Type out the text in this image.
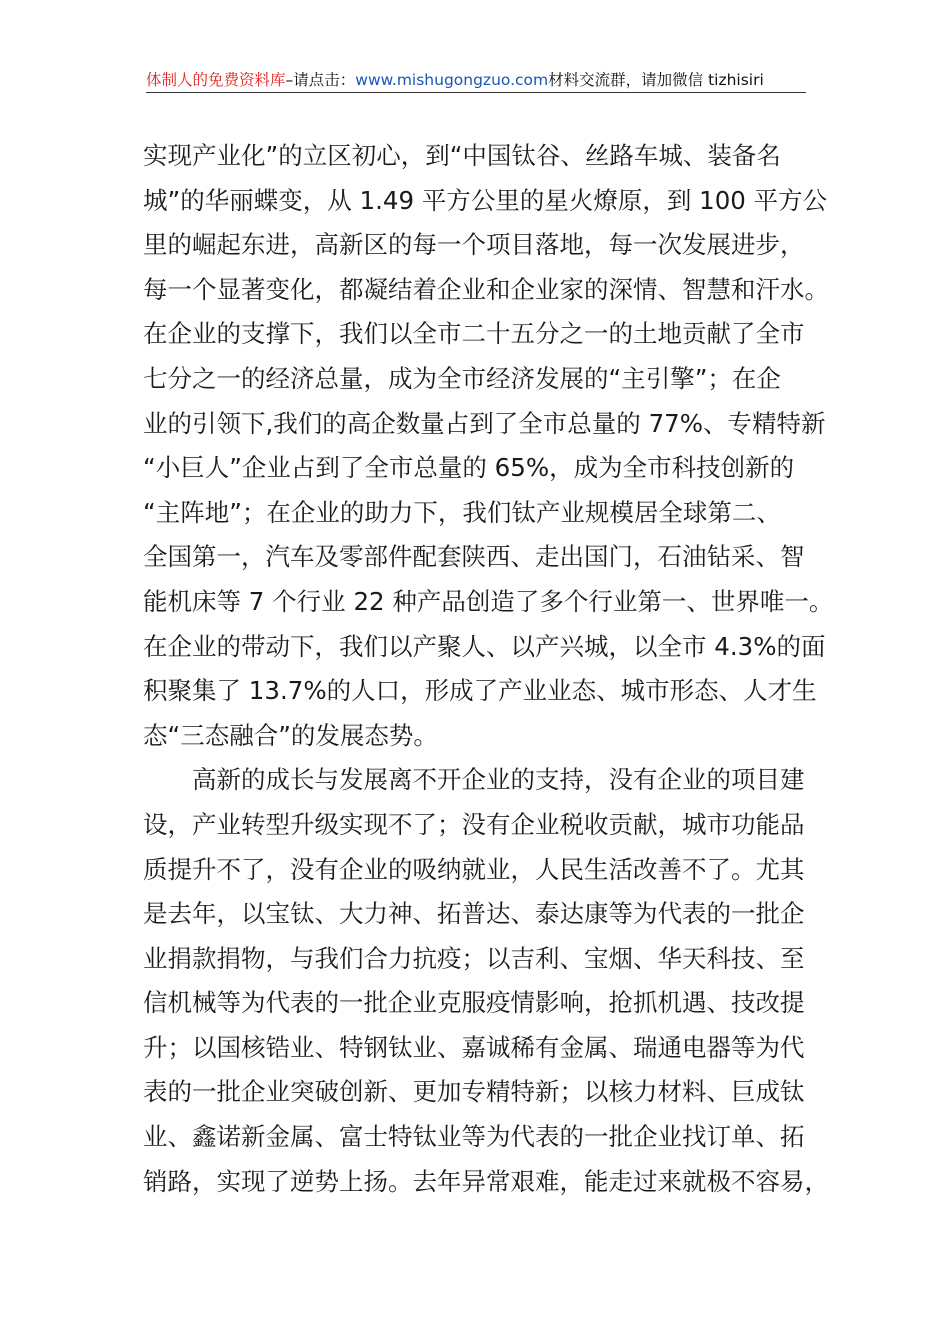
体制人的免费资料库–请点击：www.mishugongzuo.com材料交流群，请加微信 tizhisiri
实现产业化”的立区初心，到“中国钛谷、丝路车城、装备名
城”的华丽蝶变，从 1.49 平方公里的星火燎原，到 100 平方公
里的崛起东进，高新区的每一个项目落地，每一次发展进步，
每一个显著变化，都凝结着企业和企业家的深情、智慧和汗水。
在企业的支撑下，我们以全市二十五分之一的土地贡献了全市
七分之一的经济总量，成为全市经济发展的“主引擎”；在企
业的引领下,我们的高企数量占到了全市总量的 77%、专精特新
“小巨人”企业占到了全市总量的 65%，成为全市科技创新的
“主阵地”；在企业的助力下，我们钛产业规模居全球第二、
全国第一，汽车及零部件配套陕西、走出国门，石油钻采、智
能机床等 7 个行业 22 种产品创造了多个行业第一、世界唯一。
在企业的带动下，我们以产聚人、以产兴城，以全市 4.3%的面
积聚集了 13.7%的人口，形成了产业业态、城市形态、人才生
态“三态融合”的发展态势。
高新的成长与发展离不开企业的支持，没有企业的项目建
设，产业转型升级实现不了；没有企业税收贡献，城市功能品
质提升不了，没有企业的吸纳就业，人民生活改善不了。尤其
是去年，以宝钛、大力神、拓普达、泰达康等为代表的一批企
业捐款捐物，与我们合力抗疫；以吉利、宝烟、华天科技、至
信机械等为代表的一批企业克服疫情影响，抢抓机遇、技改提
升；以国核锆业、特钢钛业、嘉诚稀有金属、瑞通电器等为代
表的一批企业突破创新、更加专精特新；以核力材料、巨成钛
业、鑫诺新金属、富士特钛业等为代表的一批企业找订单、拓
销路，实现了逆势上扬。去年异常艰难，能走过来就极不容易，
